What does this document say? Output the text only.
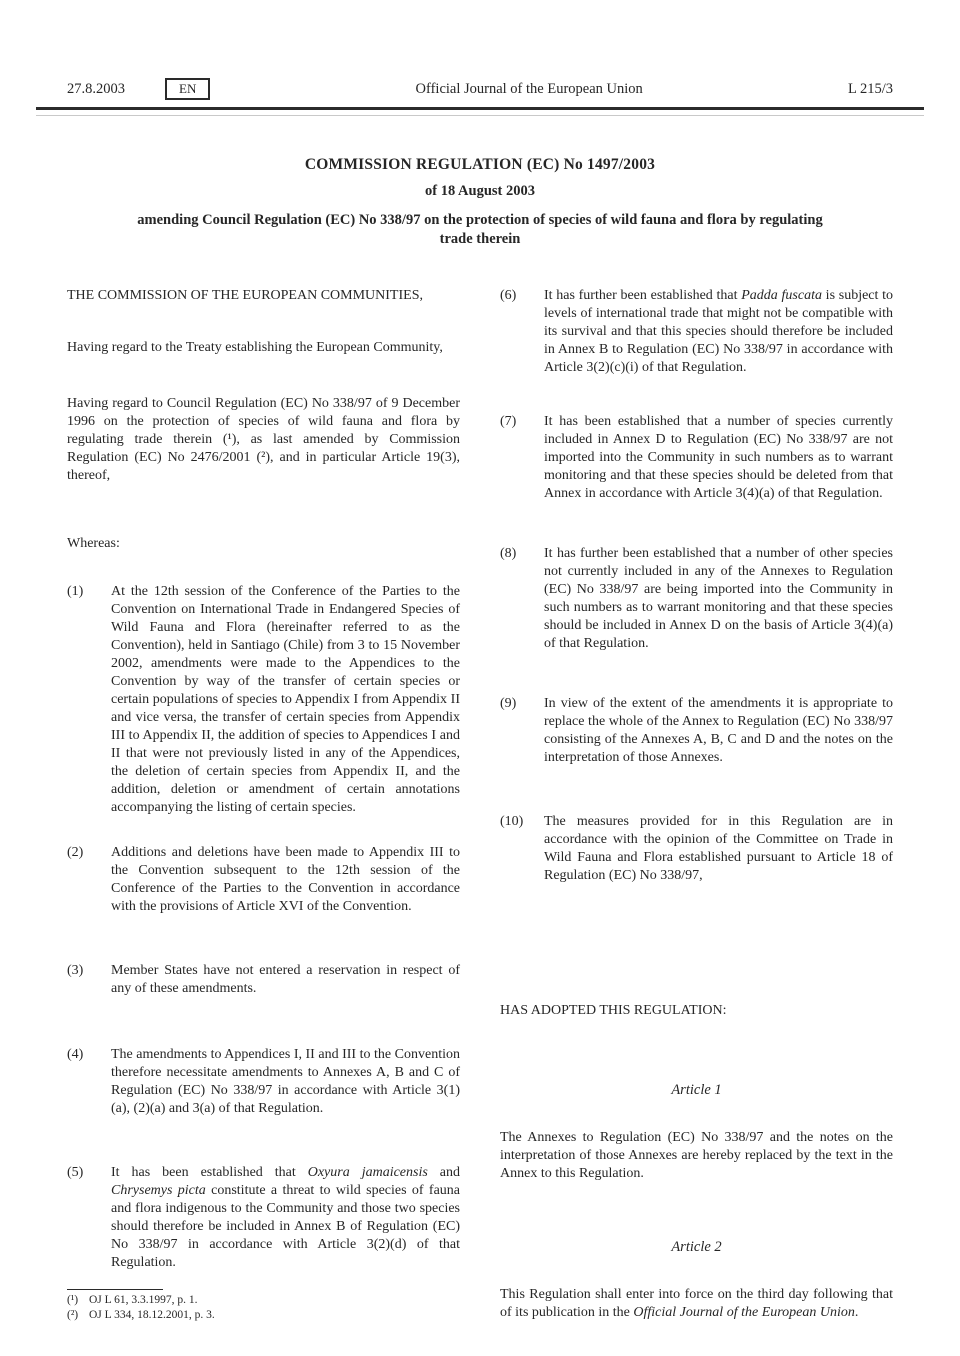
27.8.2003	EN	Official Journal of the European Union	L 215/3
COMMISSION REGULATION (EC) No 1497/2003
of 18 August 2003
amending Council Regulation (EC) No 338/97 on the protection of species of wild fauna and flora by regulating trade therein

THE COMMISSION OF THE EUROPEAN COMMUNITIES,

Having regard to the Treaty establishing the European Community,

Having regard to Council Regulation (EC) No 338/97 of 9 December 1996 on the protection of species of wild fauna and flora by regulating trade therein (¹), as last amended by Commission Regulation (EC) No 2476/2001 (²), and in particular Article 19(3), thereof,

Whereas:

(1)	At the 12th session of the Conference of the Parties to the Convention on International Trade in Endangered Species of Wild Fauna and Flora (hereinafter referred to as the Convention), held in Santiago (Chile) from 3 to 15 November 2002, amendments were made to the Appendices to the Convention by way of the transfer of certain species or certain populations of species to Appendix I from Appendix II and vice versa, the transfer of certain species from Appendix III to Appendix II, the addition of species to Appendices I and II that were not previously listed in any of the Appendices, the deletion of certain species from Appendix II, and the addition, deletion or amendment of certain annotations accompanying the listing of certain species.

(2)	Additions and deletions have been made to Appendix III to the Convention subsequent to the 12th session of the Conference of the Parties to the Convention in accordance with the provisions of Article XVI of the Convention.

(3)	Member States have not entered a reservation in respect of any of these amendments.

(4)	The amendments to Appendices I, II and III to the Convention therefore necessitate amendments to Annexes A, B and C of Regulation (EC) No 338/97 in accordance with Article 3(1)(a), (2)(a) and 3(a) of that Regulation.

(5)	It has been established that Oxyura jamaicensis and Chrysemys picta constitute a threat to wild species of fauna and flora indigenous to the Community and those two species should therefore be included in Annex B of Regulation (EC) No 338/97 in accordance with Article 3(2)(d) of that Regulation.

(¹) OJ L 61, 3.3.1997, p. 1.
(²) OJ L 334, 18.12.2001, p. 3.
(6)	It has further been established that Padda fuscata is subject to levels of international trade that might not be compatible with its survival and that this species should therefore be included in Annex B to Regulation (EC) No 338/97 in accordance with Article 3(2)(c)(i) of that Regulation.

(7)	It has been established that a number of species currently included in Annex D to Regulation (EC) No 338/97 are not imported into the Community in such numbers as to warrant monitoring and that these species should be deleted from that Annex in accordance with Article 3(4)(a) of that Regulation.

(8)	It has further been established that a number of other species not currently included in any of the Annexes to Regulation (EC) No 338/97 are being imported into the Community in such numbers as to warrant monitoring and that these species should be included in Annex D on the basis of Article 3(4)(a) of that Regulation.

(9)	In view of the extent of the amendments it is appropriate to replace the whole of the Annex to Regulation (EC) No 338/97 consisting of the Annexes A, B, C and D and the notes on the interpretation of those Annexes.

(10)	The measures provided for in this Regulation are in accordance with the opinion of the Committee on Trade in Wild Fauna and Flora established pursuant to Article 18 of Regulation (EC) No 338/97,

HAS ADOPTED THIS REGULATION:

Article 1

The Annexes to Regulation (EC) No 338/97 and the notes on the interpretation of those Annexes are hereby replaced by the text in the Annex to this Regulation.

Article 2

This Regulation shall enter into force on the third day following that of its publication in the Official Journal of the European Union.
